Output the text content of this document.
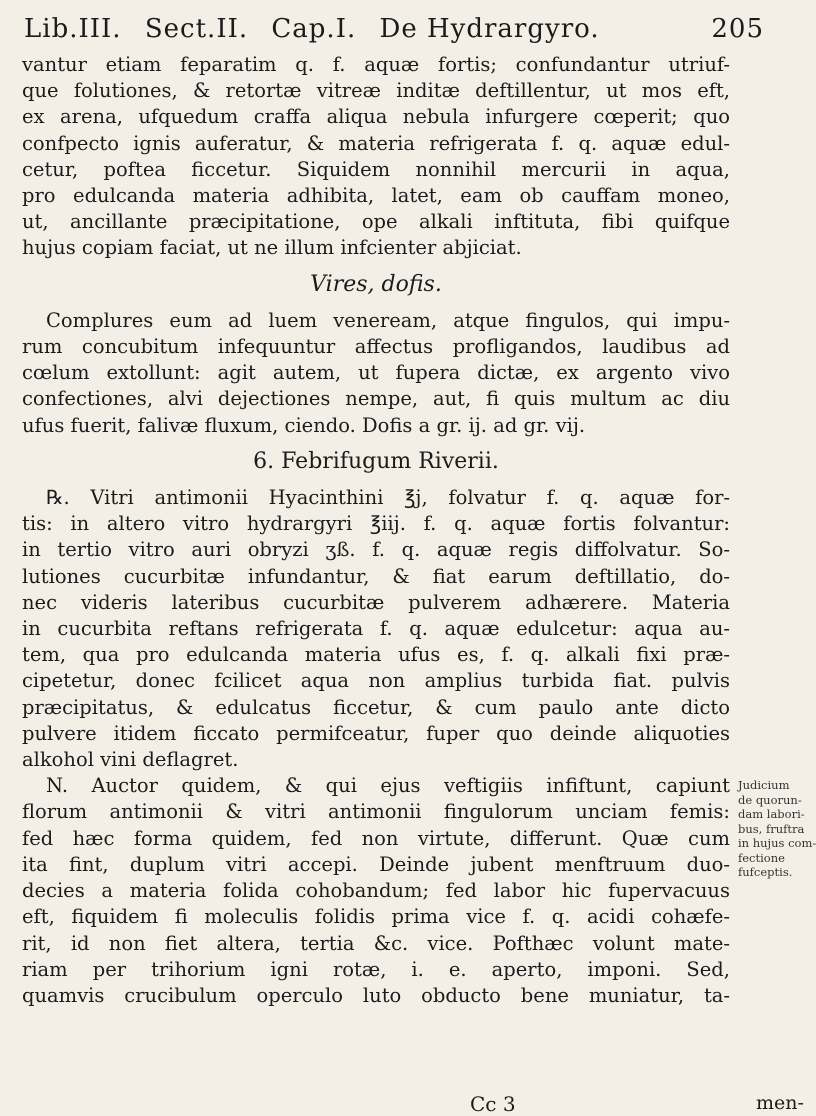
Lib.III. Sect.II. Cap.I. De Hydrargyro.	205
vantur etiam feparatim q. f. aquæ fortis; confundantur utriuf-
que folutiones, & retortæ vitreæ inditæ deftillentur, ut mos eft,
ex arena, ufquedum craffa aliqua nebula infurgere cœperit; quo
confpecto ignis auferatur, & materia refrigerata f. q. aquæ edul-
cetur, poftea ficcetur. Siquidem nonnihil mercurii in aqua,
pro edulcanda materia adhibita, latet, eam ob cauffam moneo,
ut, ancillante præcipitatione, ope alkali inftituta, fibi quifque
hujus copiam faciat, ut ne illum infcienter abjiciat.
Vires, dofis.
Complures eum ad luem veneream, atque fingulos, qui impu-
rum concubitum infequuntur affectus profligandos, laudibus ad
cœlum extollunt: agit autem, ut fupera dictæ, ex argento vivo
confectiones, alvi dejectiones nempe, aut, fi quis multum ac diu
ufus fuerit, falivæ fluxum, ciendo. Dofis a gr. ij. ad gr. vij.
6. Febrifugum Riverii.
℞. Vitri antimonii Hyacinthini ℥j, folvatur f. q. aquæ for-
tis: in altero vitro hydrargyri ℥iij. f. q. aquæ fortis folvantur:
in tertio vitro auri obryzi ʒß. f. q. aquæ regis diffolvatur. So-
lutiones cucurbitæ infundantur, & fiat earum deftillatio, do-
nec videris lateribus cucurbitæ pulverem adhærere. Materia
in cucurbita reftans refrigerata f. q. aquæ edulcetur: aqua au-
tem, qua pro edulcanda materia ufus es, f. q. alkali fixi præ-
cipetetur, donec fcilicet aqua non amplius turbida fiat. pulvis
præcipitatus, & edulcatus ficcetur, & cum paulo ante dicto
pulvere itidem ficcato permifceatur, fuper quo deinde aliquoties
alkohol vini deflagret.
N. Auctor quidem, & qui ejus veftigiis infiftunt, capiunt
florum antimonii & vitri antimonii fingulorum unciam femis:
fed hæc forma quidem, fed non virtute, differunt. Quæ cum
ita fint, duplum vitri accepi. Deinde jubent menftruum duo-
decies a materia folida cohobandum; fed labor hic fupervacuus
eft, fiquidem fi moleculis folidis prima vice f. q. acidi cohæfe-
rit, id non fiet altera, tertia &c. vice. Pofthæc volunt mate-
riam per trihorium igni rotæ, i. e. aperto, imponi. Sed,
quamvis crucibulum operculo luto obducto bene muniatur, ta-
Judicium
de quorun-
dam labori-
bus, fruftra
in hujus com-
fectione
fufceptis.
Cc 3	men-
